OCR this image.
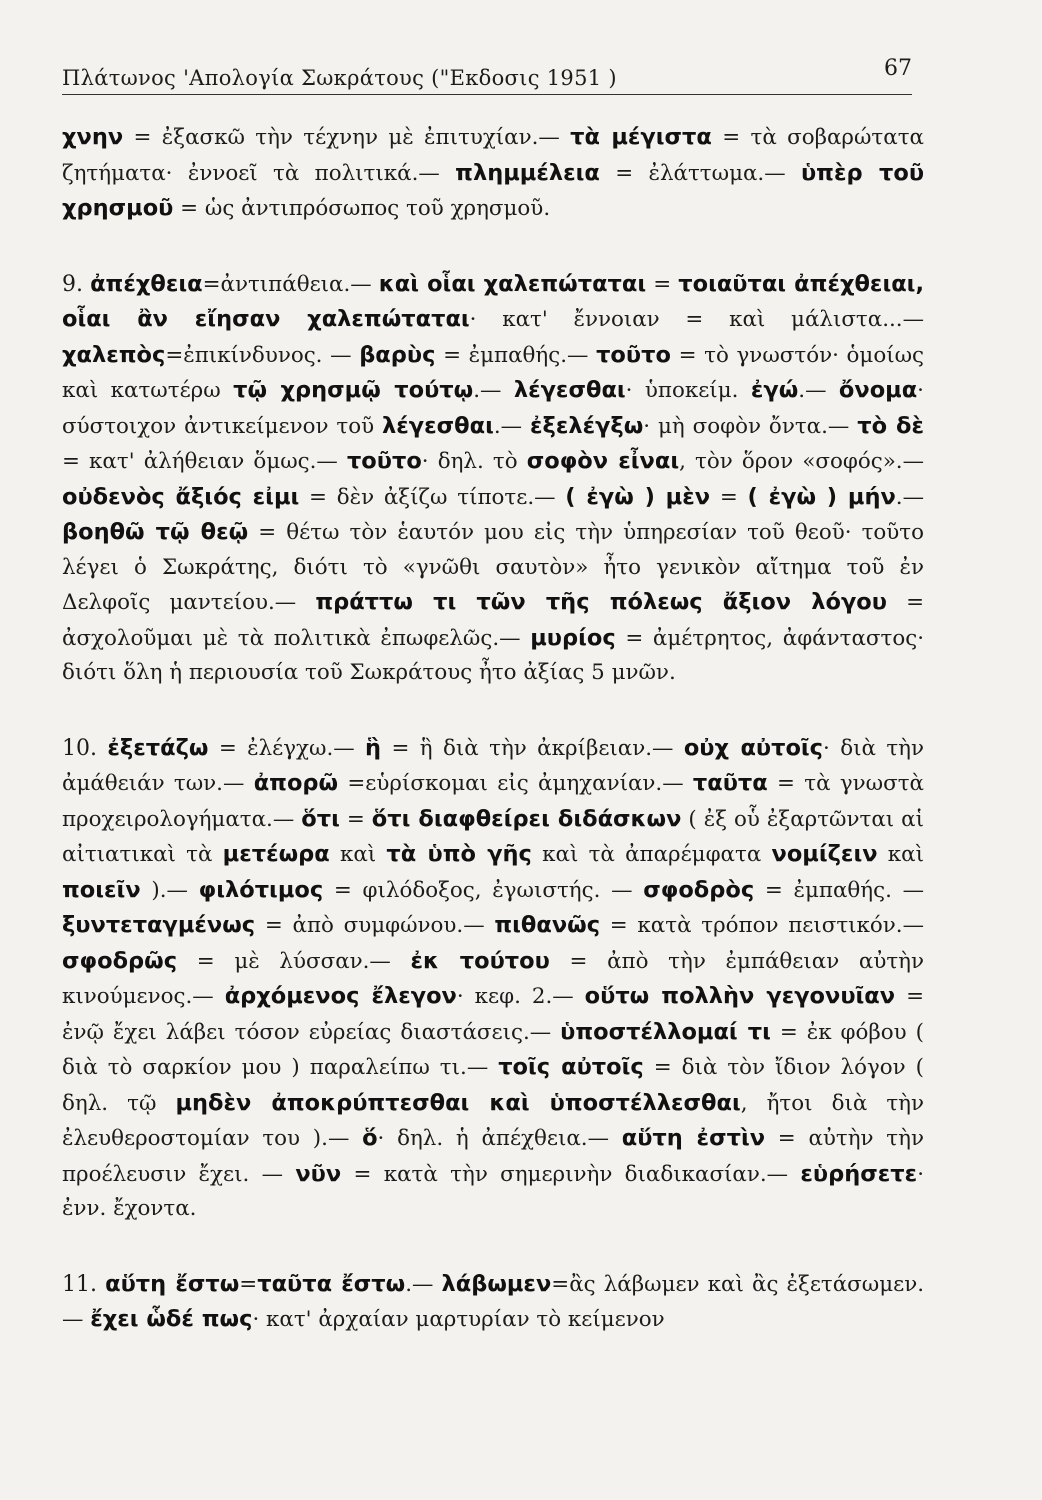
Πλάτωνος 'Απολογία Σωκράτους ("Εκδοσις 1951 )	67

χνην = ἐξασκῶ τὴν τέχνην μὲ ἐπιτυχίαν.— τὰ μέγιστα = τὰ σοβαρώτατα ζητήματα· ἐννοεῖ τὰ πολιτικά.— πλημμέλεια = ἐλάττωμα.— ὑπὲρ τοῦ χρησμοῦ = ὡς ἀντιπρόσωπος τοῦ χρησμοῦ.

9. ἀπέχθεια=ἀντιπάθεια.— καὶ οἷαι χαλεπώταται = τοιαῦται ἀπέχθειαι, οἷαι ἂν εἴησαν χαλεπώταται· κατ' ἔννοιαν = καὶ μάλιστα...— χαλεπὸς=ἐπικίνδυνος. — βαρὺς = ἐμπαθής.— τοῦτο = τὸ γνωστόν· ὁμοίως καὶ κατωτέρω τῷ χρησμῷ τούτῳ.— λέγεσθαι· ὑποκείμ. ἐγώ.— ὄνομα· σύστοιχον ἀντικείμενον τοῦ λέγεσθαι.— ἐξελέγξω· μὴ σοφὸν ὄντα.— τὸ δὲ = κατ' ἀλήθειαν ὅμως.— τοῦτο· δηλ. τὸ σοφὸν εἶναι, τὸν ὅρον «σοφός».— οὐδενὸς ἄξιός εἰμι = δὲν ἀξίζω τίποτε.— ( ἐγὼ ) μὲν = ( ἐγὼ ) μήν.— βοηθῶ τῷ θεῷ = θέτω τὸν ἑαυτόν μου εἰς τὴν ὑπηρεσίαν τοῦ θεοῦ· τοῦτο λέγει ὁ Σωκράτης, διότι τὸ «γνῶθι σαυτὸν» ἦτο γενικὸν αἴτημα τοῦ ἐν Δελφοῖς μαντείου.— πράττω τι τῶν τῆς πόλεως ἄξιον λόγου = ἀσχολοῦμαι μὲ τὰ πολιτικὰ ἐπωφελῶς.— μυρίος = ἀμέτρητος, ἀφάνταστος· διότι ὅλη ἡ περιουσία τοῦ Σωκράτους ἦτο ἀξίας 5 μνῶν.

10. ἐξετάζω = ἐλέγχω.— ἣ = ἣ διὰ τὴν ἀκρίβειαν.— οὐχ αὐτοῖς· διὰ τὴν ἀμάθειάν των.— ἀπορῶ =εὑρίσκομαι εἰς ἀμηχανίαν.— ταῦτα = τὰ γνωστὰ προχειρολογήματα.— ὅτι = ὅτι διαφθείρει διδάσκων ( ἐξ οὗ ἐξαρτῶνται αἱ αἰτιατικαὶ τὰ μετέωρα καὶ τὰ ὑπὸ γῆς καὶ τὰ ἀπαρέμφατα νομίζειν καὶ ποιεῖν ).— φιλότιμος = φιλόδοξος, ἐγωιστής. — σφοδρὸς = ἐμπαθής. — ξυντεταγμένως = ἀπὸ συμφώνου.— πιθανῶς = κατὰ τρόπον πειστικόν.— σφοδρῶς = μὲ λύσσαν.— ἐκ τούτου = ἀπὸ τὴν ἐμπάθειαν αὐτὴν κινούμενος.— ἀρχόμενος ἔλεγον· κεφ. 2.— οὕτω πολλὴν γεγονυῖαν = ἐνῷ ἔχει λάβει τόσον εὐρείας διαστάσεις.— ὑποστέλλομαί τι = ἐκ φόβου ( διὰ τὸ σαρκίον μου ) παραλείπω τι.— τοῖς αὐτοῖς = διὰ τὸν ἴδιον λόγον ( δηλ. τῷ μηδὲν ἀποκρύπτεσθαι καὶ ὑποστέλλεσθαι, ἤτοι διὰ τὴν ἐλευθεροστομίαν του ).— ὅ· δηλ. ἡ ἀπέχθεια.— αὕτη ἐστὶν = αὐτὴν τὴν προέλευσιν ἔχει. — νῦν = κατὰ τὴν σημερινὴν διαδικασίαν.— εὑρήσετε· ἐνν. ἔχοντα.

11. αὕτη ἔστω=ταῦτα ἔστω.— λάβωμεν=ἂς λάβωμεν καὶ ἂς ἐξετάσωμεν.— ἔχει ὧδέ πως· κατ' ἀρχαίαν μαρτυρίαν τὸ κείμενον
